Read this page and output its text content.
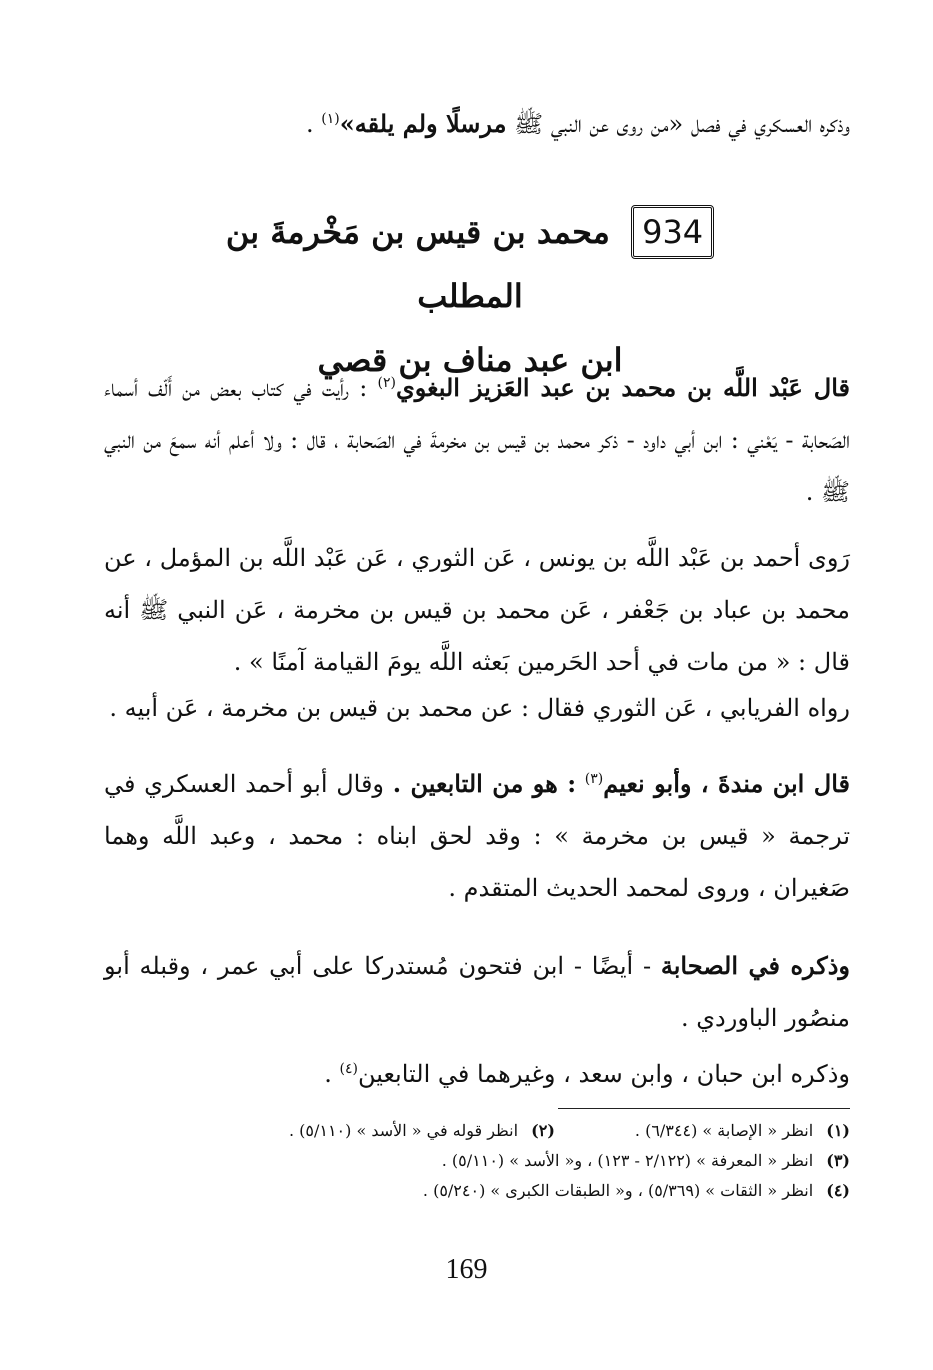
وذكره العسكري في فصل «من روى عن النبي ﷺ مرسلًا ولم يلقه»$^{(١)}$ .
934 محمد بن قيس بن مَخْرمةَ بن المطلب
ابن عبد مناف بن قصي
قال عَبْد اللَّه بن محمد بن عبد العَزيز البغوي$^{(٢)}$ : رأيت في كتاب بعض من أَلّف أسماء الصَحابة - يَعْني : ابن أبي داود - ذكر محمد بن قيس بن مخرمةَ في الصَحابة ، قال : ولا أعلم أنه سمعَ من النبي ﷺ .
رَوى أحمد بن عَبْد اللَّه بن يونس ، عَن الثوري ، عَن عَبْد اللَّه بن المؤمل ، عن محمد بن عباد بن جَعْفر ، عَن محمد بن قيس بن مخرمة ، عَن النبي ﷺ أنه قال : « من مات في أحد الحَرمين بَعثه اللَّه يومَ القيامة آمنًا » .
رواه الفريابي ، عَن الثوري فقال : عن محمد بن قيس بن مخرمة ، عَن أبيه .
قال ابن مندةَ ، وأبو نعيم$^{(٣)}$ : هو من التابعين . وقال أبو أحمد العسكري في ترجمة « قيس بن مخرمة » : وقد لحق ابناه : محمد ، وعبد اللَّه وهما صَغيران ، وروى لمحمد الحديث المتقدم .
وذكره في الصحابة - أيضًا - ابن فتحون مُستدركا على أبي عمر ، وقبله أبو منصُور الباوردي .
وذكره ابن حبان ، وابن سعد ، وغيرهما في التابعين$^{(٤)}$ .
(١) انظر « الإصابة » (٦/٣٤٤) .
(٢) انظر قوله في « الأسد » (٥/١١٠) .
(٣) انظر « المعرفة » (٢/١٢٢ - ١٢٣) ، و« الأسد » (٥/١١٠) .
(٤) انظر « الثقات » (٥/٣٦٩) ، و« الطبقات الكبرى » (٥/٢٤٠) .
169
